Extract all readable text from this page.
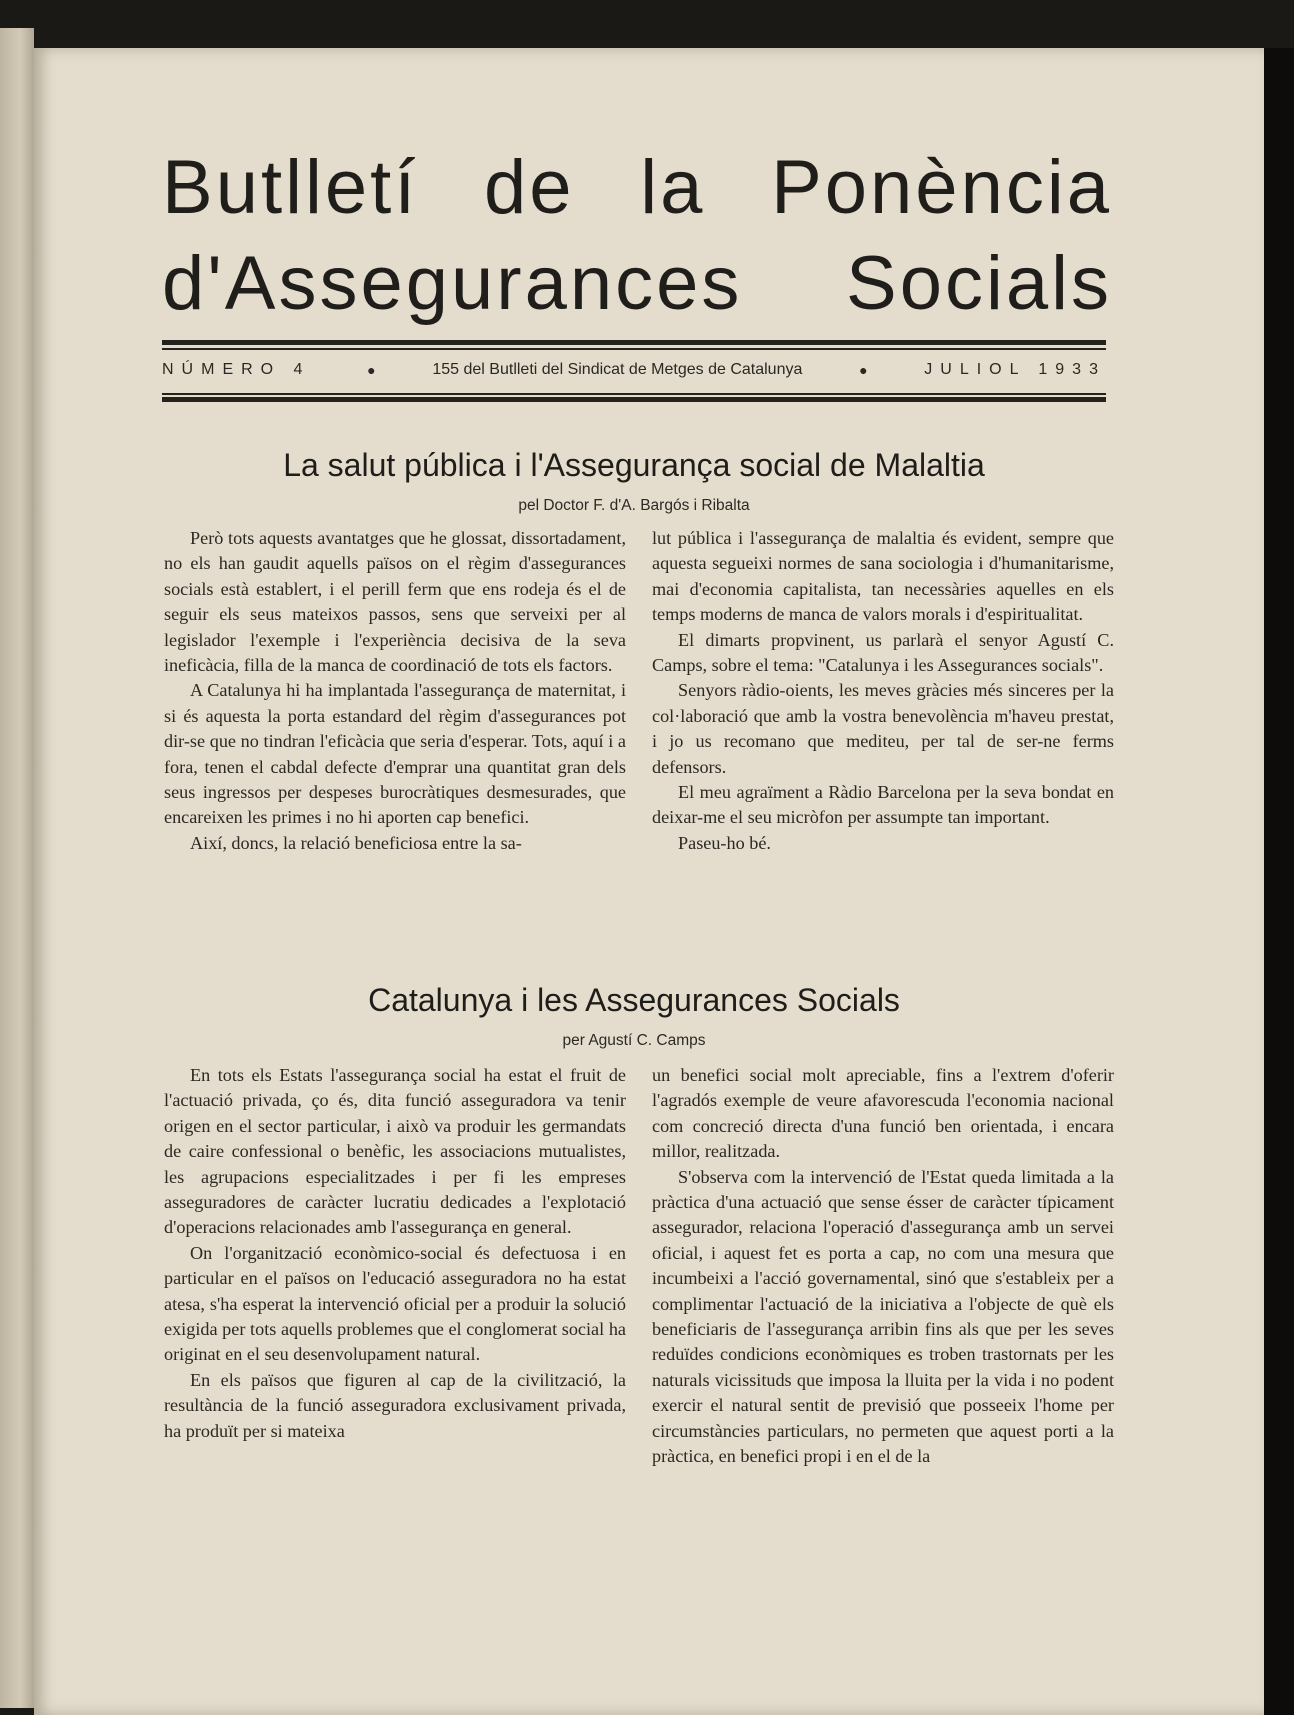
Butlletí de la Ponència
d'Assegurances Socials
NÚMERO 4	●	155 del Butlleti del Sindicat de Metges de Catalunya	●	JULIOL 1933
La salut pública i l'Assegurança social de Malaltia
pel Doctor F. d'A. Bargós i Ribalta

Però tots aquests avantatges que he glossat, dissortadament, no els han gaudit aquells països on el règim d'assegurances socials està establert, i el perill ferm que ens rodeja és el de seguir els seus mateixos passos, sens que serveixi per al legislador l'exemple i l'experiència decisiva de la seva ineficàcia, filla de la manca de coordinació de tots els factors.

A Catalunya hi ha implantada l'assegurança de maternitat, i si és aquesta la porta estandard del règim d'assegurances pot dir-se que no tindran l'eficàcia que seria d'esperar. Tots, aquí i a fora, tenen el cabdal defecte d'emprar una quantitat gran dels seus ingressos per despeses burocràtiques desmesurades, que encareixen les primes i no hi aporten cap benefici.

Així, doncs, la relació beneficiosa entre la sa-

lut pública i l'assegurança de malaltia és evident, sempre que aquesta segueixi normes de sana sociologia i d'humanitarisme, mai d'economia capitalista, tan necessàries aquelles en els temps moderns de manca de valors morals i d'espiritualitat.

El dimarts propvinent, us parlarà el senyor Agustí C. Camps, sobre el tema: "Catalunya i les Assegurances socials".

Senyors ràdio-oients, les meves gràcies més sinceres per la col·laboració que amb la vostra benevolència m'haveu prestat, i jo us recomano que mediteu, per tal de ser-ne ferms defensors.

El meu agraïment a Ràdio Barcelona per la seva bondat en deixar-me el seu micròfon per assumpte tan important.

Paseu-ho bé.

Catalunya i les Assegurances Socials
per Agustí C. Camps

En tots els Estats l'assegurança social ha estat el fruit de l'actuació privada, ço és, dita funció asseguradora va tenir origen en el sector particular, i això va produir les germandats de caire confessional o benèfic, les associacions mutualistes, les agrupacions especialitzades i per fi les empreses asseguradores de caràcter lucratiu dedicades a l'explotació d'operacions relacionades amb l'assegurança en general.

On l'organització econòmico-social és defectuosa i en particular en el països on l'educació asseguradora no ha estat atesa, s'ha esperat la intervenció oficial per a produir la solució exigida per tots aquells problemes que el conglomerat social ha originat en el seu desenvolupament natural.

En els països que figuren al cap de la civilització, la resultància de la funció asseguradora exclusivament privada, ha produït per si mateixa

un benefici social molt apreciable, fins a l'extrem d'oferir l'agradós exemple de veure afavorescuda l'economia nacional com concreció directa d'una funció ben orientada, i encara millor, realitzada.

S'observa com la intervenció de l'Estat queda limitada a la pràctica d'una actuació que sense ésser de caràcter típicament assegurador, relaciona l'operació d'assegurança amb un servei oficial, i aquest fet es porta a cap, no com una mesura que incumbeixi a l'acció governamental, sinó que s'estableix per a complimentar l'actuació de la iniciativa a l'objecte de què els beneficiaris de l'assegurança arribin fins als que per les seves reduïdes condicions econòmiques es troben trastornats per les naturals vicissituds que imposa la lluita per la vida i no podent exercir el natural sentit de previsió que posseeix l'home per circumstàncies particulars, no permeten que aquest porti a la pràctica, en benefici propi i en el de la
